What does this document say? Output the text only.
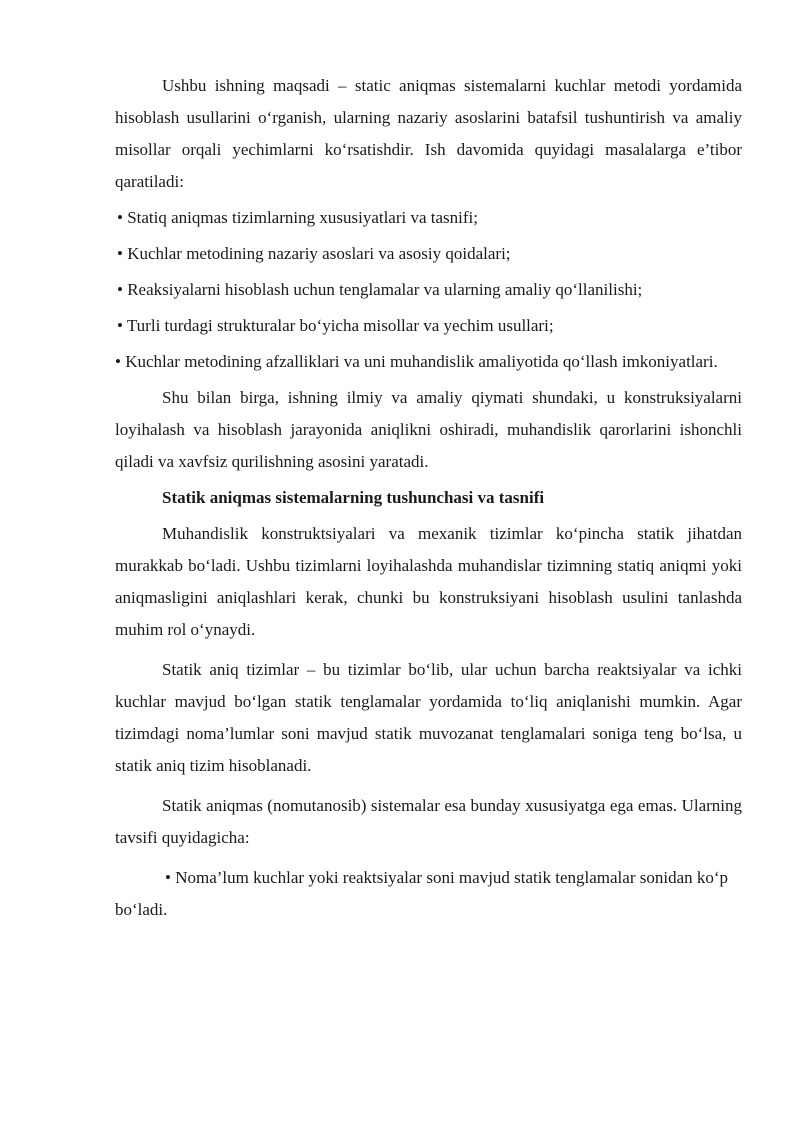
Ushbu ishning maqsadi – static aniqmas sistemalarni kuchlar metodi yordamida hisoblash usullarini o‘rganish, ularning nazariy asoslarini batafsil tushuntirish va amaliy misollar orqali yechimlarni ko‘rsatishdir. Ish davomida quyidagi masalalarga e’tibor qaratiladi:

• Statiq aniqmas tizimlarning xususiyatlari va tasnifi;

• Kuchlar metodining nazariy asoslari va asosiy qoidalari;

• Reaksiyalarni hisoblash uchun tenglamalar va ularning amaliy qo‘llanilishi;

• Turli turdagi strukturalar bo‘yicha misollar va yechim usullari;

• Kuchlar metodining afzalliklari va uni muhandislik amaliyotida qo‘llash imkoniyatlari.

Shu bilan birga, ishning ilmiy va amaliy qiymati shundaki, u konstruksiyalarni loyihalash va hisoblash jarayonida aniqlikni oshiradi, muhandislik qarorlarini ishonchli qiladi va xavfsiz qurilishning asosini yaratadi.

Statik aniqmas sistemalarning tushunchasi va tasnifi

Muhandislik konstruktsiyalari va mexanik tizimlar ko‘pincha statik jihatdan murakkab bo‘ladi. Ushbu tizimlarni loyihalashda muhandislar tizimning statiq aniqmi yoki aniqmasligini aniqlashlari kerak, chunki bu konstruksiyani hisoblash usulini tanlashda muhim rol o‘ynaydi.

Statik aniq tizimlar – bu tizimlar bo‘lib, ular uchun barcha reaktsiyalar va ichki kuchlar mavjud bo‘lgan statik tenglamalar yordamida to‘liq aniqlanishi mumkin. Agar tizimdagi noma’lumlar soni mavjud statik muvozanat tenglamalari soniga teng bo‘lsa, u statik aniq tizim hisoblanadi.

Statik aniqmas (nomutanosib) sistemalar esa bunday xususiyatga ega emas. Ularning tavsifi quyidagicha:

• Noma’lum kuchlar yoki reaktsiyalar soni mavjud statik tenglamalar sonidan ko‘p bo‘ladi.
